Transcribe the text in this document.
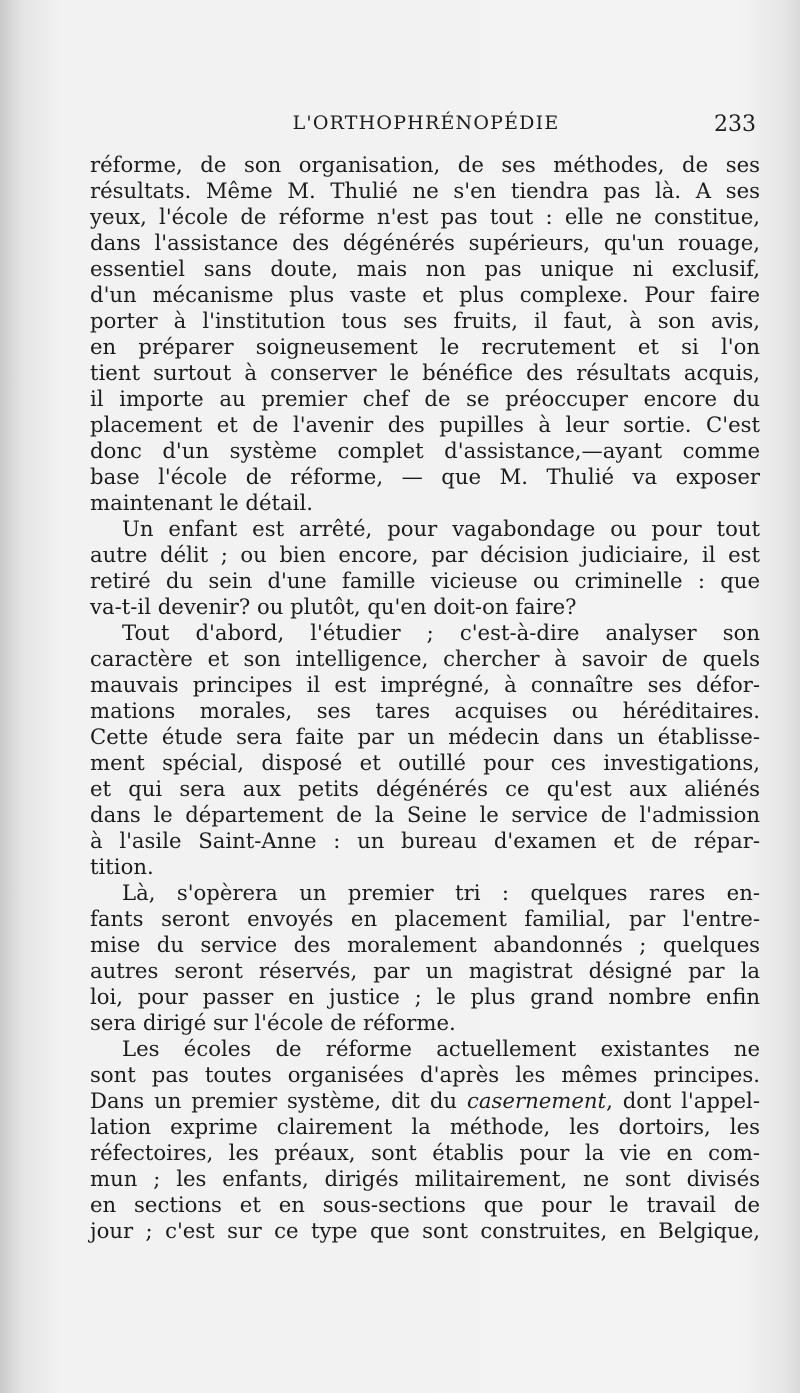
L'ORTHOPHRÉNOPÉDIE	233
réforme, de son organisation, de ses méthodes, de ses
résultats. Même M. Thulié ne s'en tiendra pas là. A ses
yeux, l'école de réforme n'est pas tout : elle ne constitue,
dans l'assistance des dégénérés supérieurs, qu'un rouage,
essentiel sans doute, mais non pas unique ni exclusif,
d'un mécanisme plus vaste et plus complexe. Pour faire
porter à l'institution tous ses fruits, il faut, à son avis,
en préparer soigneusement le recrutement et si l'on
tient surtout à conserver le bénéfice des résultats acquis,
il importe au premier chef de se préoccuper encore du
placement et de l'avenir des pupilles à leur sortie. C'est
donc d'un système complet d'assistance,—ayant comme
base l'école de réforme, — que M. Thulié va exposer
maintenant le détail.
Un enfant est arrêté, pour vagabondage ou pour tout
autre délit ; ou bien encore, par décision judiciaire, il est
retiré du sein d'une famille vicieuse ou criminelle : que
va-t-il devenir? ou plutôt, qu'en doit-on faire?
Tout d'abord, l'étudier ; c'est-à-dire analyser son
caractère et son intelligence, chercher à savoir de quels
mauvais principes il est imprégné, à connaître ses défor-
mations morales, ses tares acquises ou héréditaires.
Cette étude sera faite par un médecin dans un établisse-
ment spécial, disposé et outillé pour ces investigations,
et qui sera aux petits dégénérés ce qu'est aux aliénés
dans le département de la Seine le service de l'admission
à l'asile Saint-Anne : un bureau d'examen et de répar-
tition.
Là, s'opèrera un premier tri : quelques rares en-
fants seront envoyés en placement familial, par l'entre-
mise du service des moralement abandonnés ; quelques
autres seront réservés, par un magistrat désigné par la
loi, pour passer en justice ; le plus grand nombre enfin
sera dirigé sur l'école de réforme.
Les écoles de réforme actuellement existantes ne
sont pas toutes organisées d'après les mêmes principes.
Dans un premier système, dit du casernement, dont l'appel-
lation exprime clairement la méthode, les dortoirs, les
réfectoires, les préaux, sont établis pour la vie en com-
mun ; les enfants, dirigés militairement, ne sont divisés
en sections et en sous-sections que pour le travail de
jour ; c'est sur ce type que sont construites, en Belgique,
